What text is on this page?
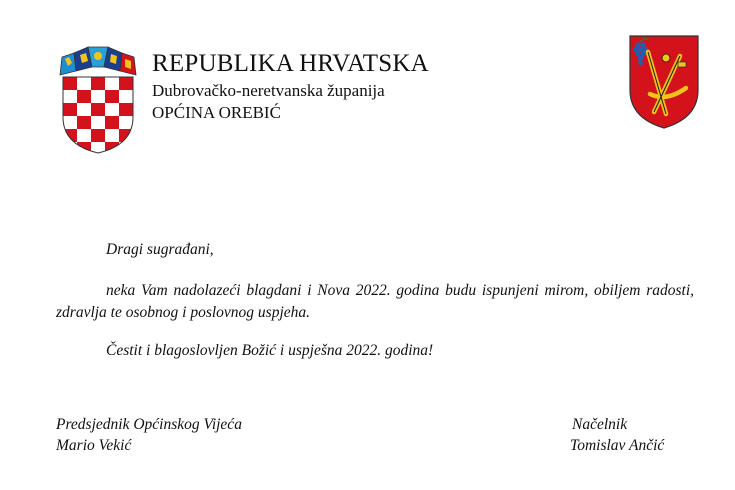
REPUBLIKA HRVATSKA
Dubrovačko-neretvanska županija
OPĆINA OREBIĆ
Dragi sugrađani,
neka Vam nadolazeći blagdani i Nova 2022. godina budu ispunjeni mirom, obiljem radosti, zdravlja te osobnog i poslovnog uspjeha.
Čestit i blagoslovljen Božić i uspješna 2022. godina!
Predsjednik Općinskog Vijeća
Mario Vekić
Načelnik
Tomislav Ančić
